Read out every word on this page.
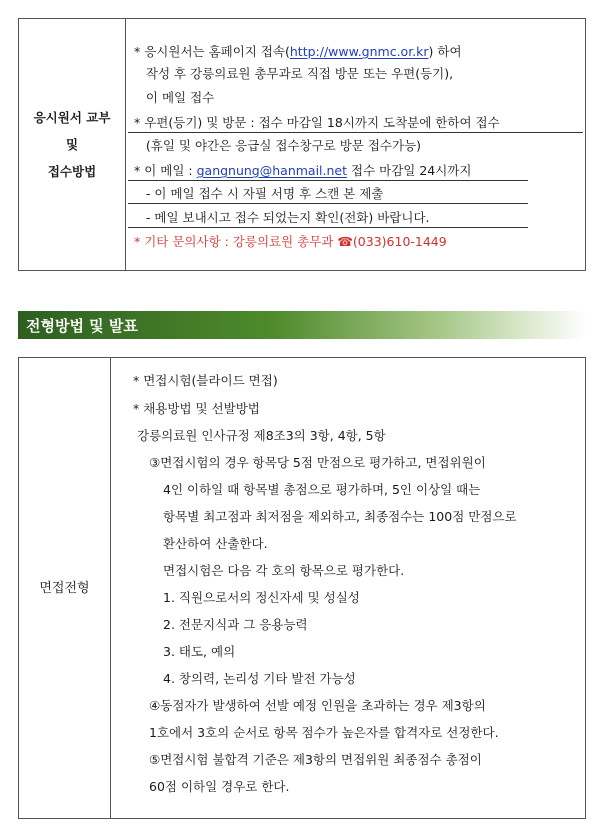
응시원서 교부
및
접수방법
* 응시원서는 홈페이지 접속(http://www.gnmc.or.kr) 하여
작성 후 강릉의료원 총무과로 직접 방문 또는 우편(등기),
이 메일 접수
* 우편(등기) 및 방문 : 접수 마감일 18시까지 도착분에 한하여 접수
(휴일 및 야간은 응급실 접수창구로 방문 접수가능)
* 이 메일 : gangnung@hanmail.net 접수 마감일 24시까지
- 이 메일 접수 시 자필 서명 후 스캔 본 제출
- 메일 보내시고 접수 되었는지 확인(전화) 바랍니다.
* 기타 문의사항 : 강릉의료원 총무과 ☎(033)610-1449
전형방법 및 발표
면접전형
* 면접시험(블라이드 면접)
* 채용방법 및 선발방법
강릉의료원 인사규정 제8조3의 3항, 4항, 5항
③면접시험의 경우 항목당 5점 만점으로 평가하고, 면접위원이
4인 이하일 때 항목별 총점으로 평가하며, 5인 이상일 때는
항목별 최고점과 최저점을 제외하고, 최종점수는 100점 만점으로
환산하여 산출한다.
면접시험은 다음 각 호의 항목으로 평가한다.
1. 직원으로서의 정신자세 및 성실성
2. 전문지식과 그 응용능력
3. 태도, 예의
4. 창의력, 논리성 기타 발전 가능성
④동점자가 발생하여 선발 예정 인원을 초과하는 경우 제3항의
1호에서 3호의 순서로 항목 점수가 높은자를 합격자로 선정한다.
⑤면접시험 불합격 기준은 제3항의 면접위원 최종점수 총점이
60점 이하일 경우로 한다.
